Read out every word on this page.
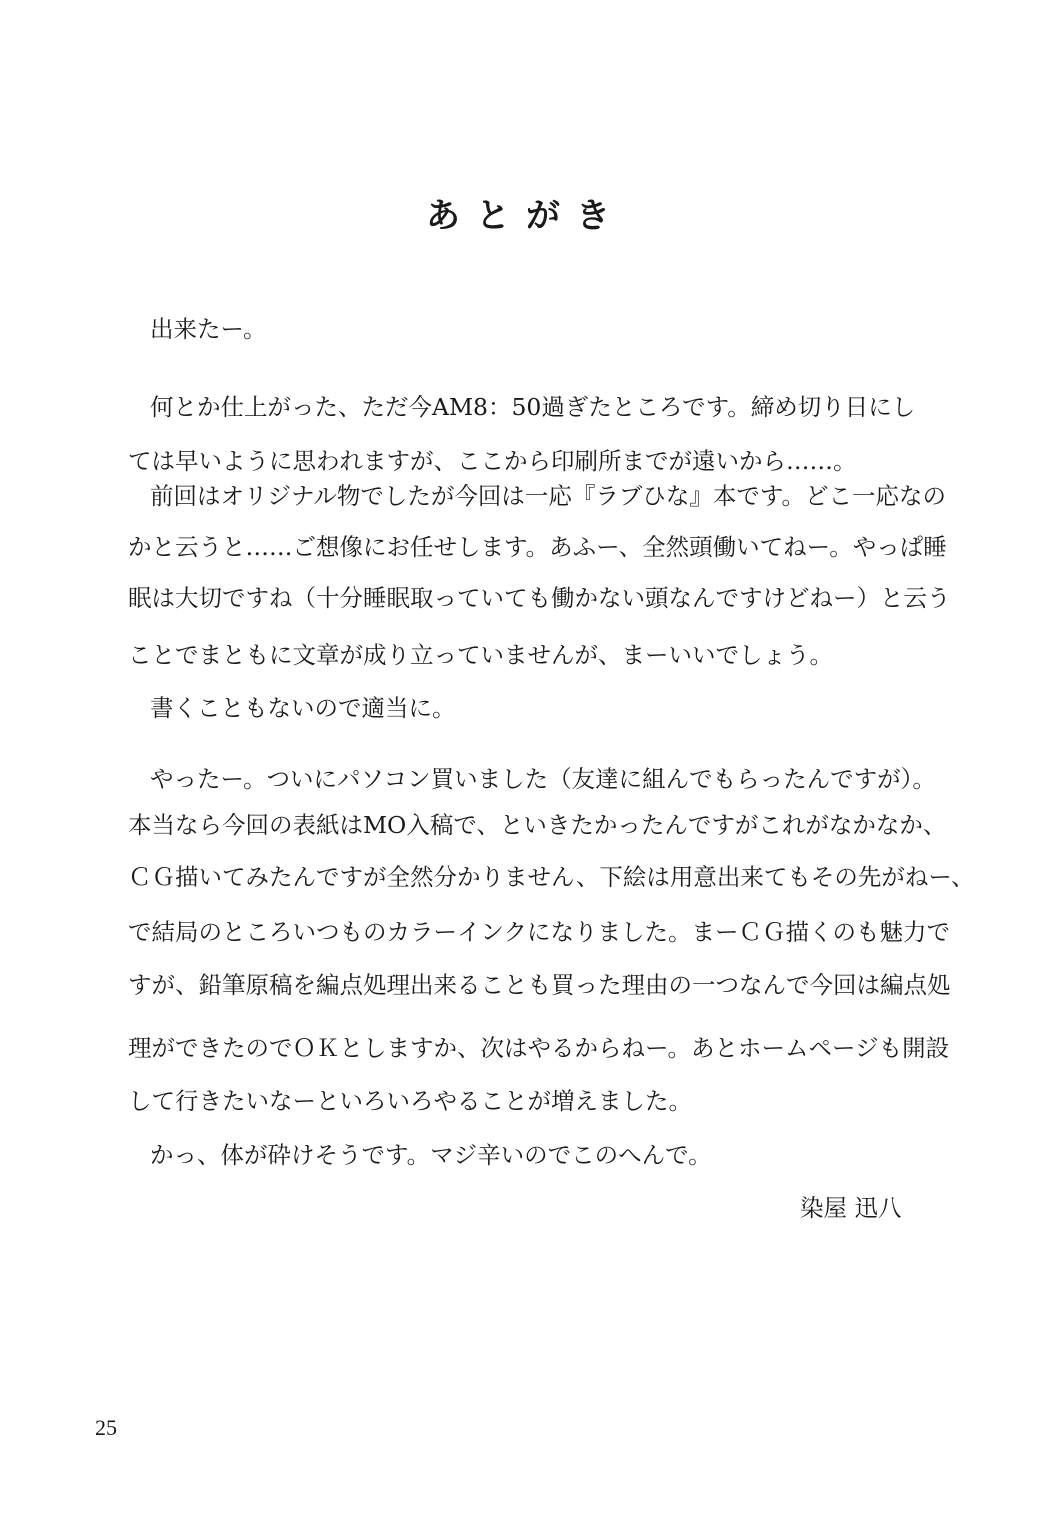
あとがき
出来たー。
何とか仕上がった、ただ今AM8：50過ぎたところです。締め切り日にし
ては早いように思われますが、ここから印刷所までが遠いから……。
前回はオリジナル物でしたが今回は一応『ラブひな』本です。どこ一応なの
かと云うと……ご想像にお任せします。あふー、全然頭働いてねー。やっぱ睡
眠は大切ですね（十分睡眠取っていても働かない頭なんですけどねー）と云う
ことでまともに文章が成り立っていませんが、まーいいでしょう。
書くこともないので適当に。
やったー。ついにパソコン買いました（友達に組んでもらったんですが）。
本当なら今回の表紙はMO入稿で、といきたかったんですがこれがなかなか、
ＣＧ描いてみたんですが全然分かりません、下絵は用意出来てもその先がねー、
で結局のところいつものカラーインクになりました。まーＣＧ描くのも魅力で
すが、鉛筆原稿を編点処理出来ることも買った理由の一つなんで今回は編点処
理ができたのでＯＫとしますか、次はやるからねー。あとホームページも開設
して行きたいなーといろいろやることが増えました。
かっ、体が砕けそうです。マジ辛いのでこのへんで。
染屋 迅八
25
